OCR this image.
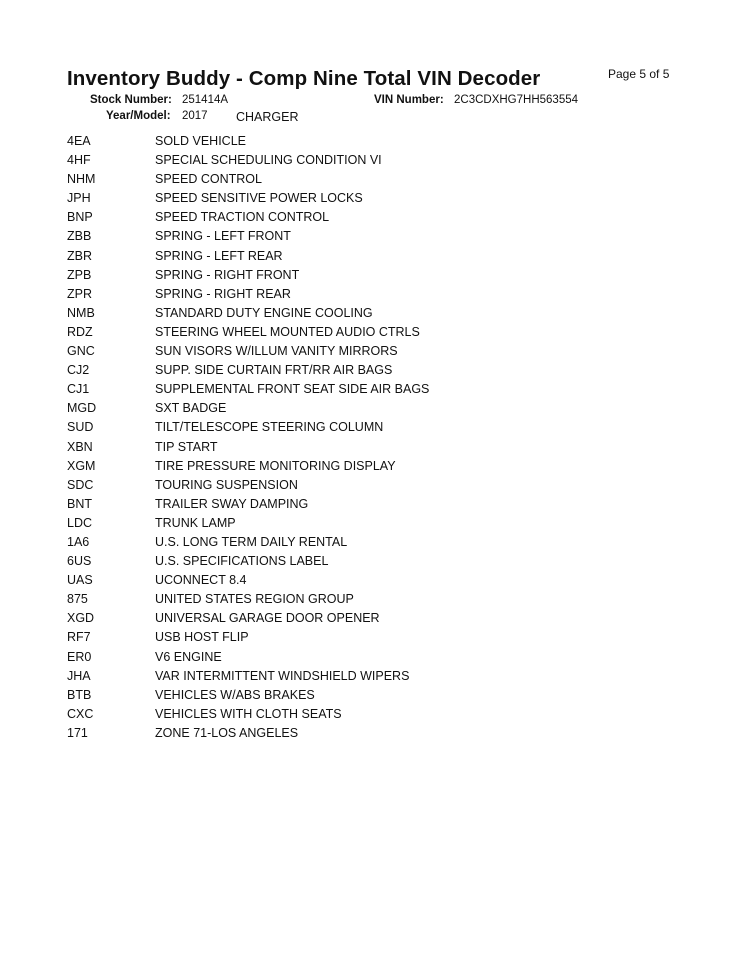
Inventory Buddy - Comp Nine Total VIN Decoder	Page 5 of 5
Stock Number: 251414A	VIN Number: 2C3CDXHG7HH563554
Year/Model: 2017 CHARGER
4EA	SOLD VEHICLE
4HF	SPECIAL SCHEDULING CONDITION VI
NHM	SPEED CONTROL
JPH	SPEED SENSITIVE POWER LOCKS
BNP	SPEED TRACTION CONTROL
ZBB	SPRING - LEFT FRONT
ZBR	SPRING - LEFT REAR
ZPB	SPRING - RIGHT FRONT
ZPR	SPRING - RIGHT REAR
NMB	STANDARD DUTY ENGINE COOLING
RDZ	STEERING WHEEL MOUNTED AUDIO CTRLS
GNC	SUN VISORS W/ILLUM VANITY MIRRORS
CJ2	SUPP. SIDE CURTAIN FRT/RR AIR BAGS
CJ1	SUPPLEMENTAL FRONT SEAT SIDE AIR BAGS
MGD	SXT BADGE
SUD	TILT/TELESCOPE STEERING COLUMN
XBN	TIP START
XGM	TIRE PRESSURE MONITORING DISPLAY
SDC	TOURING SUSPENSION
BNT	TRAILER SWAY DAMPING
LDC	TRUNK LAMP
1A6	U.S. LONG TERM DAILY RENTAL
6US	U.S. SPECIFICATIONS LABEL
UAS	UCONNECT 8.4
875	UNITED STATES REGION GROUP
XGD	UNIVERSAL GARAGE DOOR OPENER
RF7	USB HOST FLIP
ER0	V6 ENGINE
JHA	VAR INTERMITTENT WINDSHIELD WIPERS
BTB	VEHICLES W/ABS BRAKES
CXC	VEHICLES WITH CLOTH SEATS
171	ZONE 71-LOS ANGELES
